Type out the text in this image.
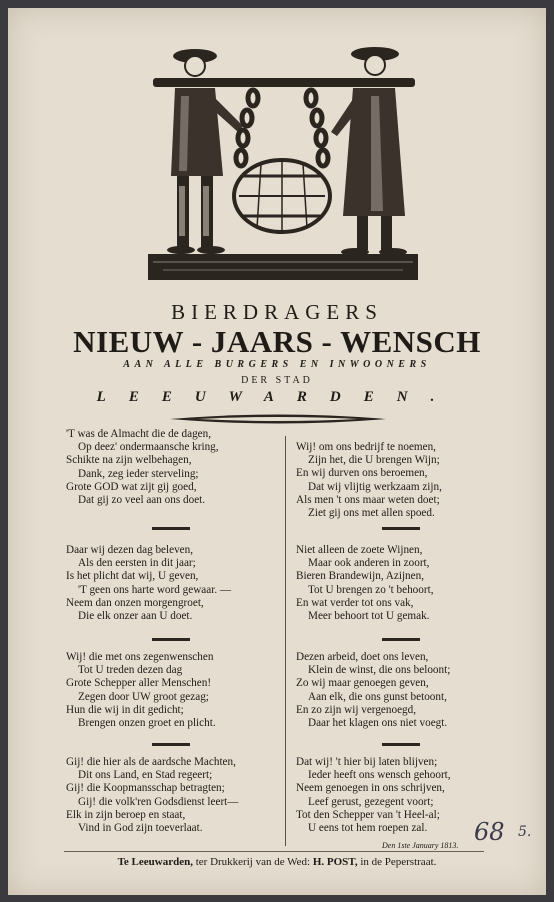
BIERDRAGERS
NIEUW - JAARS - WENSCH
AAN ALLE BURGERS EN INWOONERS
DER STAD
LEEUWARDEN.
'T was de Almacht die de dagen,
Op deez' ondermaansche kring,
Schikte na zijn welbehagen,
Dank, zeg ieder sterveling;
Grote GOD wat zijt gij goed,
Dat gij zo veel aan ons doet.
Daar wij dezen dag beleven,
Als den eersten in dit jaar;
Is het plicht dat wij, U geven,
'T geen ons harte word gewaar. —
Neem dan onzen morgengroet,
Die elk onzer aan U doet.
Wij! die met ons zegenwenschen
Tot U treden dezen dag
Grote Schepper aller Menschen!
Zegen door UW groot gezag;
Hun die wij in dit gedicht;
Brengen onzen groet en plicht.
Gij! die hier als de aardsche Machten,
Dit ons Land, en Stad regeert;
Gij! die Koopmansschap betragten;
Gij! die volk'ren Godsdienst leert—
Elk in zijn beroep en staat,
Vind in God zijn toeverlaat.
Wij! om ons bedrijf te noemen,
Zijn het, die U brengen Wijn;
En wij durven ons beroemen,
Dat wij vlijtig werkzaam zijn,
Als men 't ons maar weten doet;
Ziet gij ons met allen spoed.
Niet alleen de zoete Wijnen,
Maar ook anderen in zoort,
Bieren Brandewijn, Azijnen,
Tot U brengen zo 't behoort,
En wat verder tot ons vak,
Meer behoort tot U gemak.
Dezen arbeid, doet ons leven,
Klein de winst, die ons beloont;
Zo wij maar genoegen geven,
Aan elk, die ons gunst betoont,
En zo zijn wij vergenoegd,
Daar het klagen ons niet voegt.
Dat wij! 't hier bij laten blijven;
Ieder heeft ons wensch gehoort,
Neem genoegen in ons schrijven,
Leef gerust, gezegent voort;
Tot den Schepper van 't Heel-al;
U eens tot hem roepen zal.
Den 1ste January 1813. 68 5.
Te Leeuwarden, ter Drukkerij van de Wed: H. POST, in de Peperstraat.
